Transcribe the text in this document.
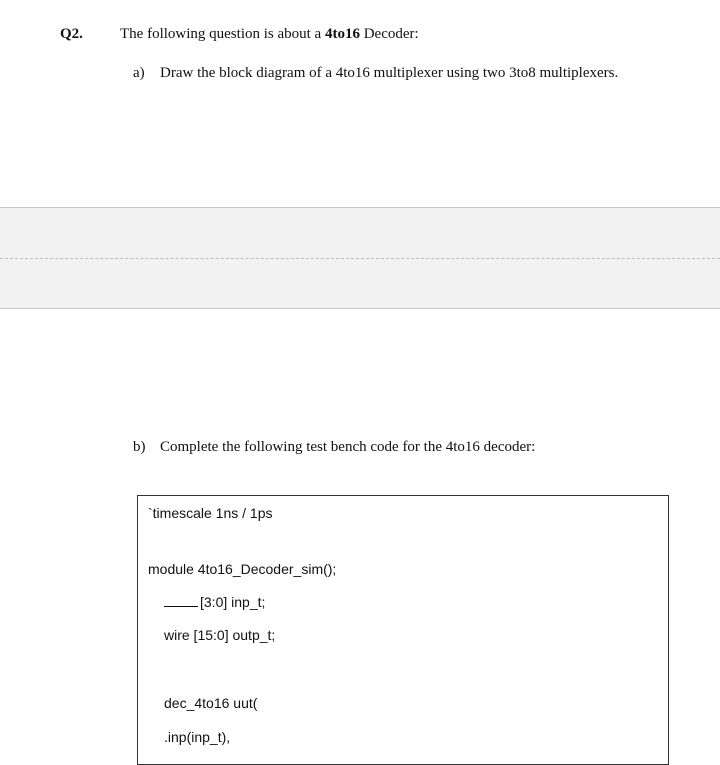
Q2. The following question is about a 4to16 Decoder:
a) Draw the block diagram of a 4to16 multiplexer using two 3to8 multiplexers.
b) Complete the following test bench code for the 4to16 decoder:
`timescale 1ns / 1ps
module 4to16_Decoder_sim();
[3:0] inp_t;
wire [15:0] outp_t;
dec_4to16 uut(
.inp(inp_t),
